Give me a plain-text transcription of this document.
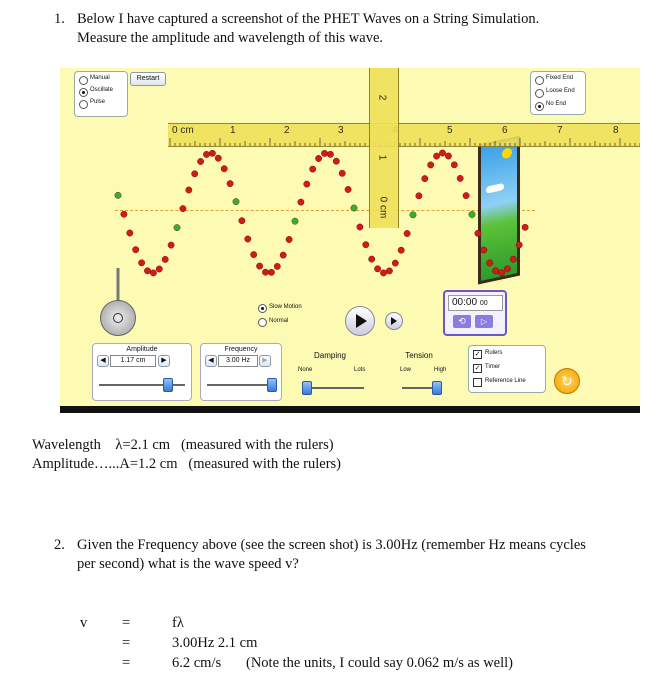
1. Below I have captured a screenshot of the PHET Waves on a String Simulation.
Measure the amplitude and wavelength of this wave.
Manual
Oscillate
Pulse
Restart	Fixed End
Loose End
No End
0 cm	1	2	3	5	6	7	8
2
1
0 cm
Slow Motion
Normal
00:00 00
⟲	▷
Amplitude
◀	1.17 cm	▶
Frequency
◀	3.00 Hz	▶
Damping
None	Lots
Tension
Low	High
✓ Rulers
✓ Timer
Reference Line	↻
Wavelength λ=2.1 cm (measured with the rulers)
Amplitude…...A=1.2 cm (measured with the rulers)
2. Given the Frequency above (see the screen shot) is 3.00Hz (remember Hz means cycles
per second) what is the wave speed v?
v =	fλ
=	3.00Hz 2.1 cm
=	6.2 cm/s (Note the units, I could say 0.062 m/s as well)
